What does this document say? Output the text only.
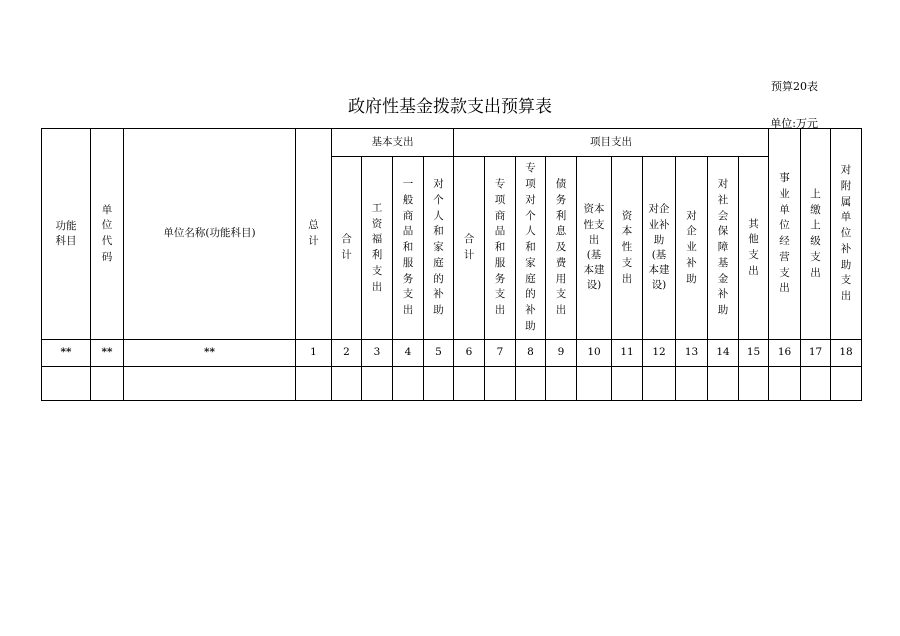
预算20表
政府性基金拨款支出预算表
单位:万元
功能科目	单位代码	单位名称(功能科目)	总计	基本支出				项目支出										事业单位经营支出	上缴上级支出	对附属单位补助支出
				合计	工资福利支出	一般商品和服务支出	对个人和家庭的补助	合计	专项商品和服务支出	专项对个人和家庭的补助	债务利息及费用支出	资本性支出(基本建设)	资本性支出	对企业补助(基本建设)	对企业补助	对社会保障基金补助	其他支出			
**	**	**	1	2	3	4	5	6	7	8	9	10	11	12	13	14	15	16	17	18
